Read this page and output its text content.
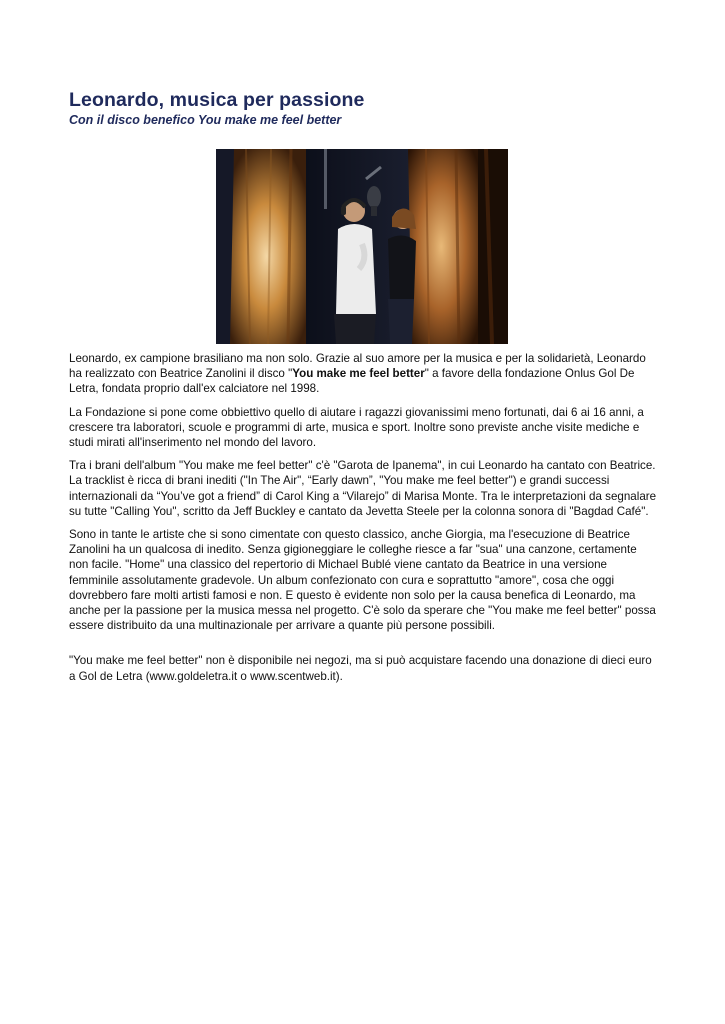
Leonardo, musica per passione
Con il disco benefico You make me feel better

Leonardo, ex campione brasiliano ma non solo. Grazie al suo amore per la musica e per la solidarietà, Leonardo ha realizzato con Beatrice Zanolini il disco "You make me feel better" a favore della fondazione Onlus Gol De Letra, fondata proprio dall'ex calciatore nel 1998.

La Fondazione si pone come obbiettivo quello di aiutare i ragazzi giovanissimi meno fortunati, dai 6 ai 16 anni, a crescere tra laboratori, scuole e programmi di arte, musica e sport. Inoltre sono previste anche visite mediche e studi mirati all'inserimento nel mondo del lavoro.

Tra i brani dell'album "You make me feel better" c'è "Garota de Ipanema", in cui Leonardo ha cantato con Beatrice. La tracklist è ricca di brani inediti ("In The Air", “Early dawn”, "You make me feel better") e grandi successi internazionali da “You’ve got a friend” di Carol King a “Vilarejo” di Marisa Monte. Tra le interpretazioni da segnalare su tutte "Calling You", scritto da Jeff Buckley e cantato da Jevetta Steele per la colonna sonora di "Bagdad Café".

Sono in tante le artiste che si sono cimentate con questo classico, anche Giorgia, ma l'esecuzione di Beatrice Zanolini ha un qualcosa di inedito. Senza gigioneggiare le colleghe riesce a far "sua" una canzone, certamente non facile. "Home" una classico del repertorio di Michael Bublé viene cantato da Beatrice in una versione femminile assolutamente gradevole. Un album confezionato con cura e soprattutto "amore", cosa che oggi dovrebbero fare molti artisti famosi e non. E questo è evidente non solo per la causa benefica di Leonardo, ma anche per la passione per la musica messa nel progetto. C'è solo da sperare che "You make me feel better" possa essere distribuito da una multinazionale per arrivare a quante più persone possibili.

"You make me feel better" non è disponibile nei negozi, ma si può acquistare facendo una donazione di dieci euro a Gol de Letra (www.goldeletra.it o www.scentweb.it).
